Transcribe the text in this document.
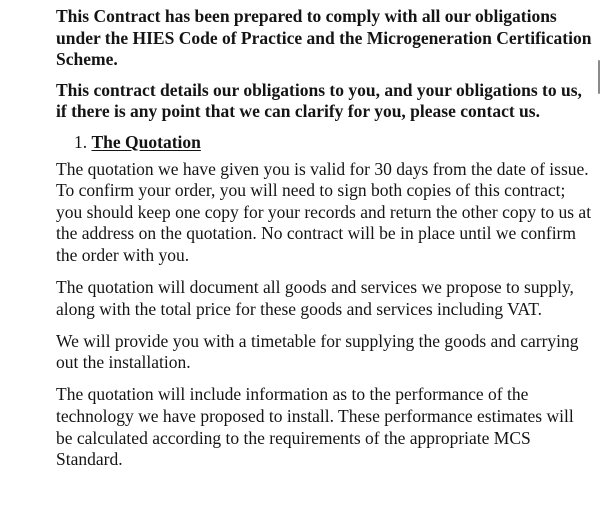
This Contract has been prepared to comply with all our obligations under the HIES Code of Practice and the Microgeneration Certification Scheme.

This contract details our obligations to you, and your obligations to us, if there is any point that we can clarify for you, please contact us.

1. The Quotation

The quotation we have given you is valid for 30 days from the date of issue. To confirm your order, you will need to sign both copies of this contract; you should keep one copy for your records and return the other copy to us at the address on the quotation. No contract will be in place until we confirm the order with you.

The quotation will document all goods and services we propose to supply, along with the total price for these goods and services including VAT.

We will provide you with a timetable for supplying the goods and carrying out the installation.

The quotation will include information as to the performance of the technology we have proposed to install. These performance estimates will be calculated according to the requirements of the appropriate MCS Standard.
